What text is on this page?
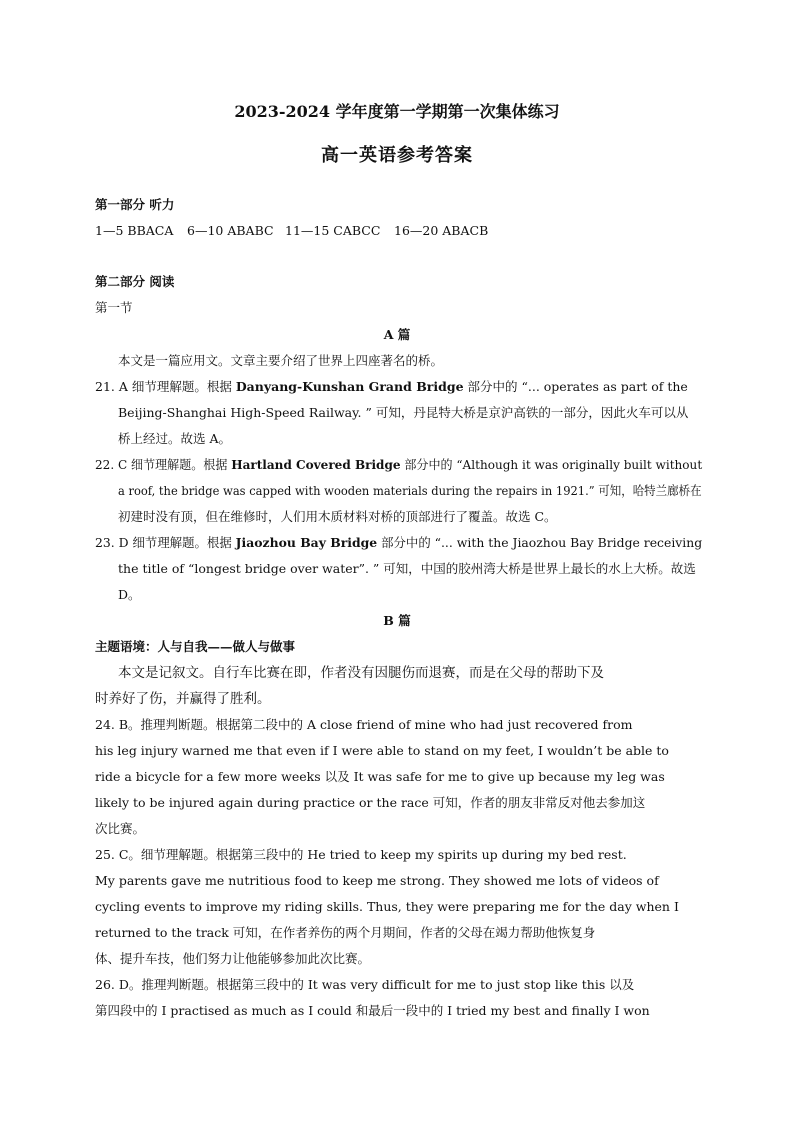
2023-2024 学年度第一学期第一次集体练习
高一英语参考答案
第一部分 听力
1—5 BBACA 6—10 ABABC 11—15 CABCC 16—20 ABACB
第二部分 阅读
第一节
A 篇
本文是一篇应用文。文章主要介绍了世界上四座著名的桥。
21. A 细节理解题。根据 Danyang-Kunshan Grand Bridge 部分中的 “... operates as part of the
Beijing-Shanghai High-Speed Railway. ” 可知，丹昆特大桥是京沪高铁的一部分，因此火车可以从
桥上经过。故选 A。
22. C 细节理解题。根据 Hartland Covered Bridge 部分中的 “Although it was originally built without
a roof, the bridge was capped with wooden materials during the repairs in 1921.” 可知，哈特兰廊桥在
初建时没有顶，但在维修时，人们用木质材料对桥的顶部进行了覆盖。故选 C。
23. D 细节理解题。根据 Jiaozhou Bay Bridge 部分中的 “... with the Jiaozhou Bay Bridge receiving
the title of “longest bridge over water”. ” 可知，中国的胶州湾大桥是世界上最长的水上大桥。故选
D。
B 篇
主题语境：人与自我——做人与做事
本文是记叙文。自行车比赛在即，作者没有因腿伤而退赛，而是在父母的帮助下及
时养好了伤，并赢得了胜利。
24. B。推理判断题。根据第二段中的 A close friend of mine who had just recovered from
his leg injury warned me that even if I were able to stand on my feet, I wouldn’t be able to
ride a bicycle for a few more weeks 以及 It was safe for me to give up because my leg was
likely to be injured again during practice or the race 可知，作者的朋友非常反对他去参加这
次比赛。
25. C。细节理解题。根据第三段中的 He tried to keep my spirits up during my bed rest.
My parents gave me nutritious food to keep me strong. They showed me lots of videos of
cycling events to improve my riding skills. Thus, they were preparing me for the day when I
returned to the track 可知，在作者养伤的两个月期间，作者的父母在竭力帮助他恢复身
体、提升车技，他们努力让他能够参加此次比赛。
26. D。推理判断题。根据第三段中的 It was very difficult for me to just stop like this 以及
第四段中的 I practised as much as I could 和最后一段中的 I tried my best and finally I won
